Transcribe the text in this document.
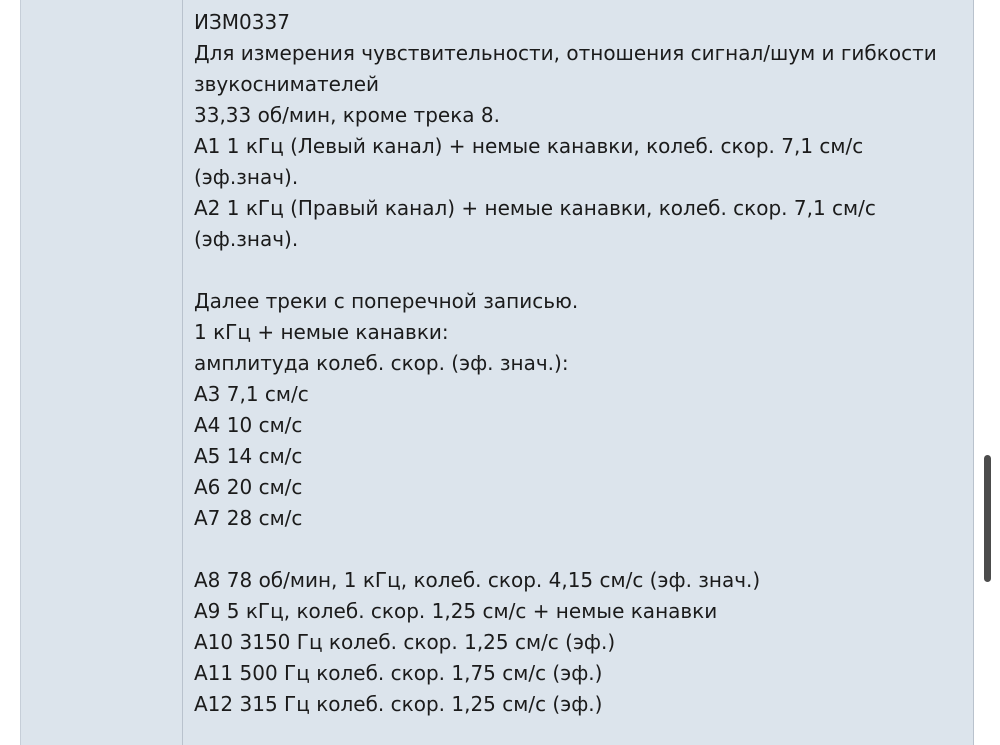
ИЗМ0337
Для измерения чувствительности, отношения сигнал/шум и гибкости
звукоснимателей
33,33 об/мин, кроме трека 8.
А1 1 кГц (Левый канал) + немые канавки, колеб. скор. 7,1 см/с
(эф.знач).
А2 1 кГц (Правый канал) + немые канавки, колеб. скор. 7,1 см/с
(эф.знач).
Далее треки с поперечной записью.
1 кГц + немые канавки:
амплитуда колеб. скор. (эф. знач.):
А3 7,1 см/с
А4 10 см/с
А5 14 см/с
А6 20 см/с
А7 28 см/с
А8 78 об/мин, 1 кГц, колеб. скор. 4,15 см/с (эф. знач.)
А9 5 кГц, колеб. скор. 1,25 см/с + немые канавки
А10 3150 Гц колеб. скор. 1,25 см/с (эф.)
А11 500 Гц колеб. скор. 1,75 см/с (эф.)
А12 315 Гц колеб. скор. 1,25 см/с (эф.)
